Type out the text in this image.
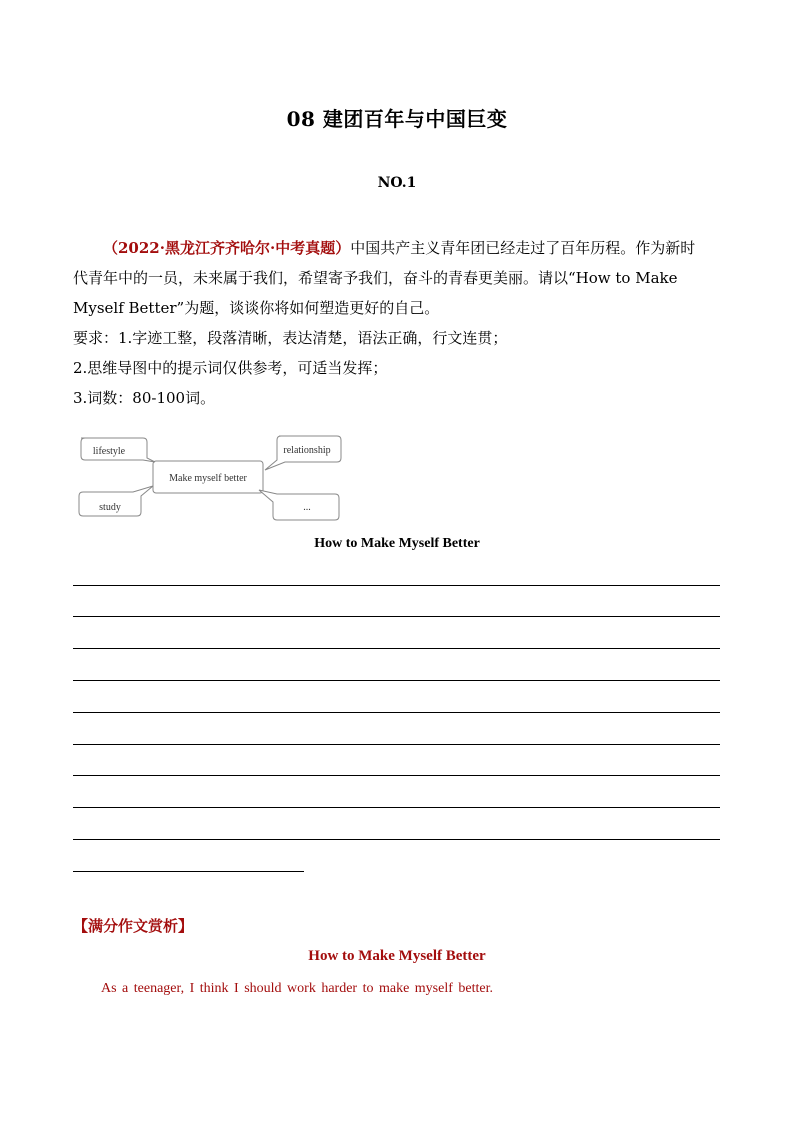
08 建团百年与中国巨变
NO.1
（2022·黑龙江齐齐哈尔·中考真题）中国共产主义青年团已经走过了百年历程。作为新时
代青年中的一员，未来属于我们，希望寄予我们，奋斗的青春更美丽。请以“How to Make
Myself Better”为题，谈谈你将如何塑造更好的自己。
要求：1.字迹工整，段落清晰，表达清楚，语法正确，行文连贯；
2.思维导图中的提示词仅供参考，可适当发挥；
3.词数：80-100词。
Make myself better
lifestyle
study
relationship
...
How to Make Myself Better
【满分作文赏析】
How to Make Myself Better
As a teenager, I think I should work harder to make myself better.
